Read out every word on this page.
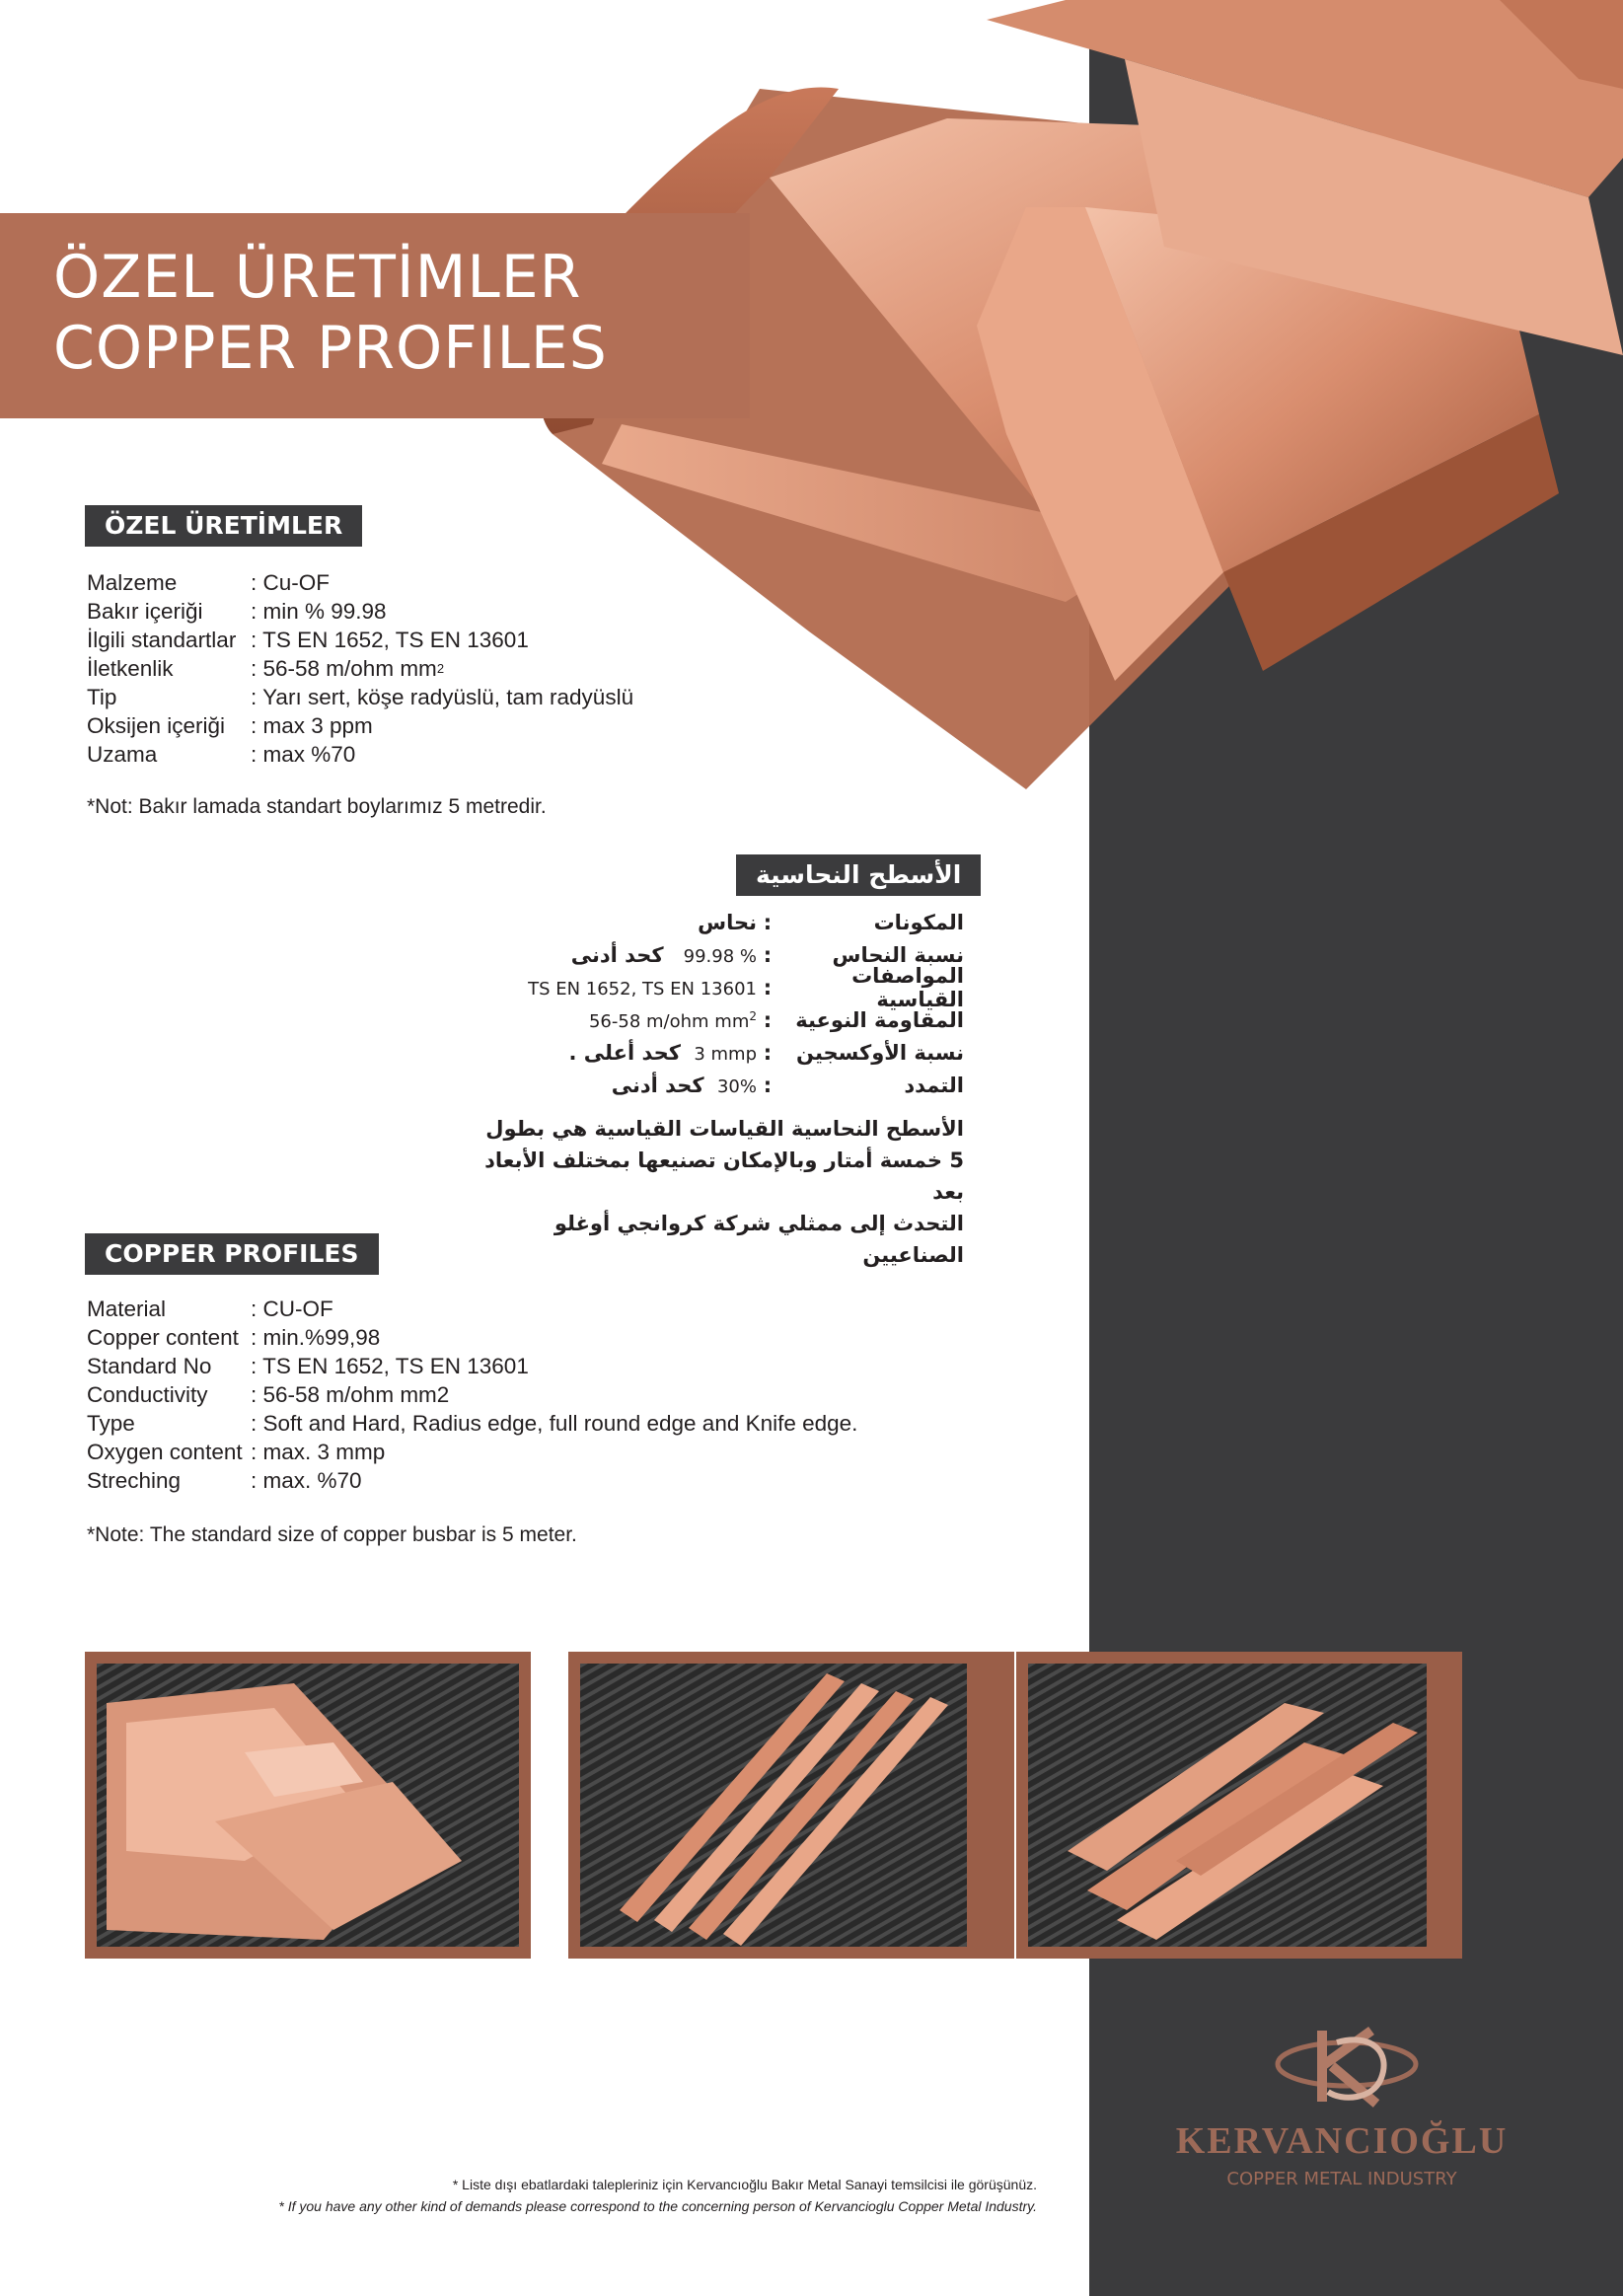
ÖZEL ÜRETİMLER
COPPER PROFILES
ÖZEL ÜRETİMLER
Malzeme	: Cu-OF
Bakır içeriği	: min % 99.98
İlgili standartlar : TS EN 1652, TS EN 13601
İletkenlik	: 56-58 m/ohm mm 2
Tip	: Yarı sert, köşe radyüslü, tam radyüslü
Oksijen içeriği	: max 3 ppm
Uzama	: max %70
*Not: Bakır lamada standart boylarımız 5 metredir.
الأسطح النحاسية
المكونات
:
نحاس
نسبة النحاس
:
99.98 %   كحد أدنى
المواصفات القياسية
:
TS EN 1652, TS EN 13601
المقاومة النوعية
:
56-58 m/ohm $mm^2$
نسبة الأوكسجين
:
3 mmp  كحد أعلى .
التمدد
:
30%  كحد أدنى
الأسطح النحاسية القياسات القياسية هي بطول
5 خمسة أمتار وبالإمكان تصنيعها بمختلف الأبعاد بعد
التحدث إلى ممثلي شركة كروانجي أوغلو الصناعيين
COPPER PROFILES
Material	: CU-OF
Copper content : min.%99,98
Standard No	: TS EN 1652, TS EN 13601
Conductivity	: 56-58 m/ohm mm2
Type	: Soft and Hard, Radius edge, full round edge and Knife edge.
Oxygen content : max. 3 mmp
Streching	: max. %70
*Note: The standard size of copper busbar is 5 meter.
KERVANCIOĞLU
COPPER METAL INDUSTRY
* Liste dışı ebatlardaki talepleriniz için Kervancıoğlu Bakır Metal Sanayi temsilcisi ile görüşünüz.
* If you have any other kind of demands please correspond to the concerning person of Kervancioglu Copper Metal Industry.
